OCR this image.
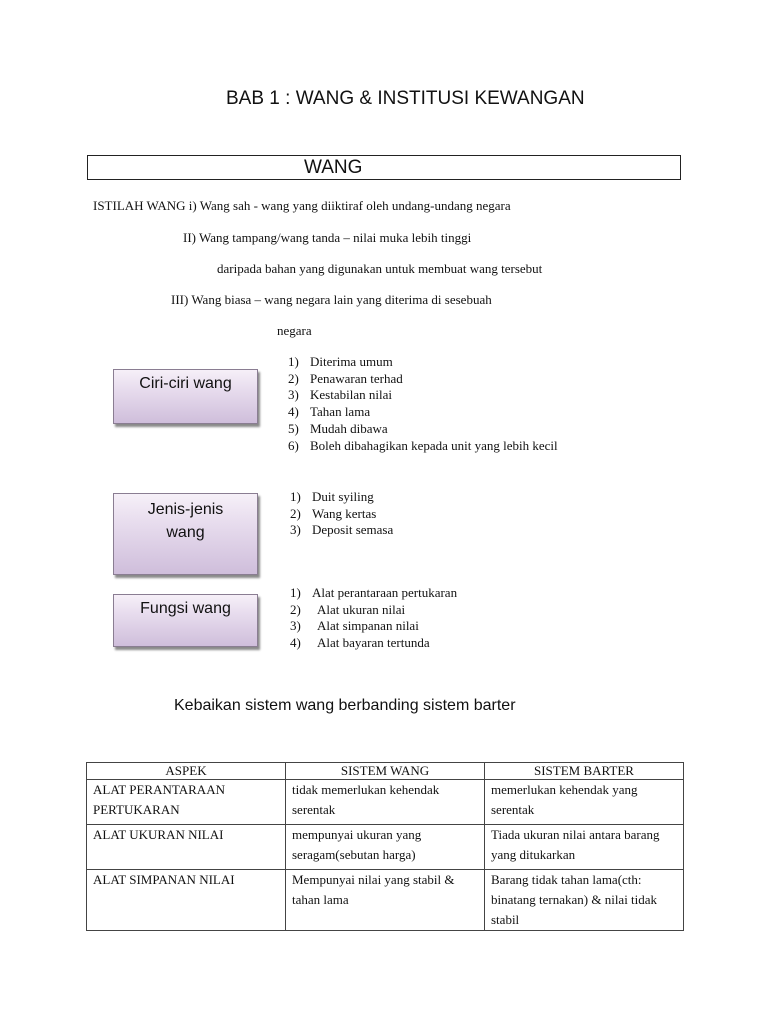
BAB 1 : WANG & INSTITUSI KEWANGAN
WANG
ISTILAH WANG i) Wang sah - wang yang diiktiraf oleh undang-undang negara
II) Wang tampang/wang tanda – nilai muka lebih tinggi
daripada bahan yang digunakan untuk membuat wang tersebut
III) Wang biasa – wang negara lain yang diterima di sesebuah
negara
Ciri-ciri wang
1) Diterima umum
2) Penawaran terhad
3) Kestabilan nilai
4) Tahan lama
5) Mudah dibawa
6) Boleh dibahagikan kepada unit yang lebih kecil
Jenis-jenis
wang
1) Duit syiling
2) Wang kertas
3) Deposit semasa
Fungsi wang
1) Alat perantaraan pertukaran
2) Alat ukuran nilai
3) Alat simpanan nilai
4) Alat bayaran tertunda
Kebaikan sistem wang berbanding sistem barter
ASPEK	SISTEM WANG	SISTEM BARTER

ALAT PERANTARAAN
PERTUKARAN	tidak memerlukan kehendak serentak	memerlukan kehendak yang serentak

ALAT UKURAN NILAI	mempunyai ukuran yang seragam(sebutan harga)	Tiada ukuran nilai antara barang yang ditukarkan

ALAT SIMPANAN NILAI	Mempunyai nilai yang stabil & tahan lama	Barang tidak tahan lama(cth: binatang ternakan) & nilai tidak stabil
